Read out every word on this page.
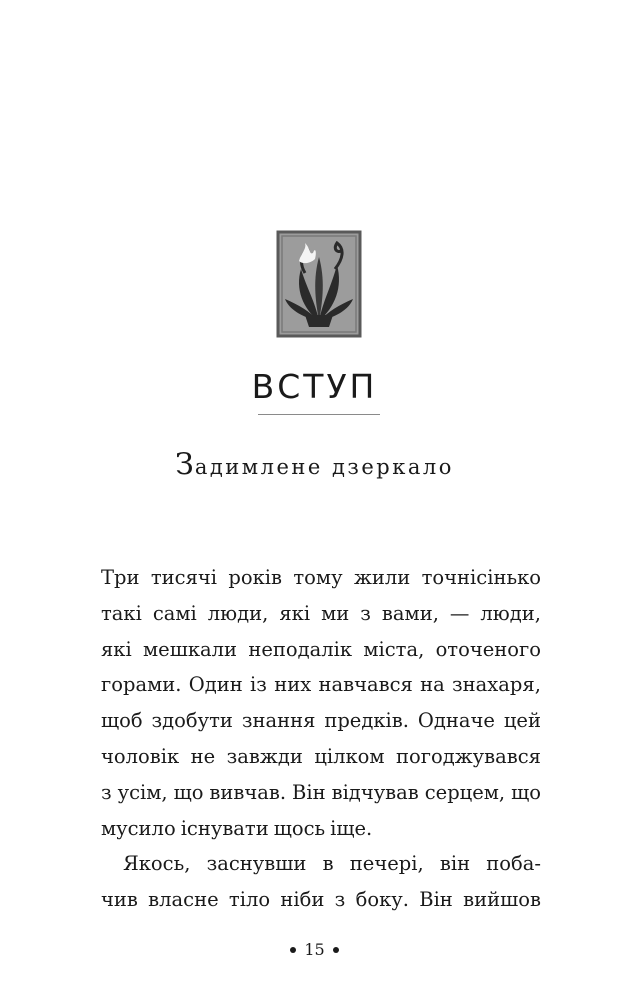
ВСТУП
Задимлене дзеркало
Три тисячі років тому жили точнісінько
такі самі люди, які ми з вами, — люди,
які мешкали неподалік міста, оточеного
горами. Один із них навчався на знахаря,
щоб здобути знання предків. Одначе цей
чоловік не завжди цілком погоджувався
з усім, що вивчав. Він відчував серцем, що
мусило існувати щось іще.
Якось, заснувши в печері, він поба-
чив власне тіло ніби з боку. Він вийшов
15
